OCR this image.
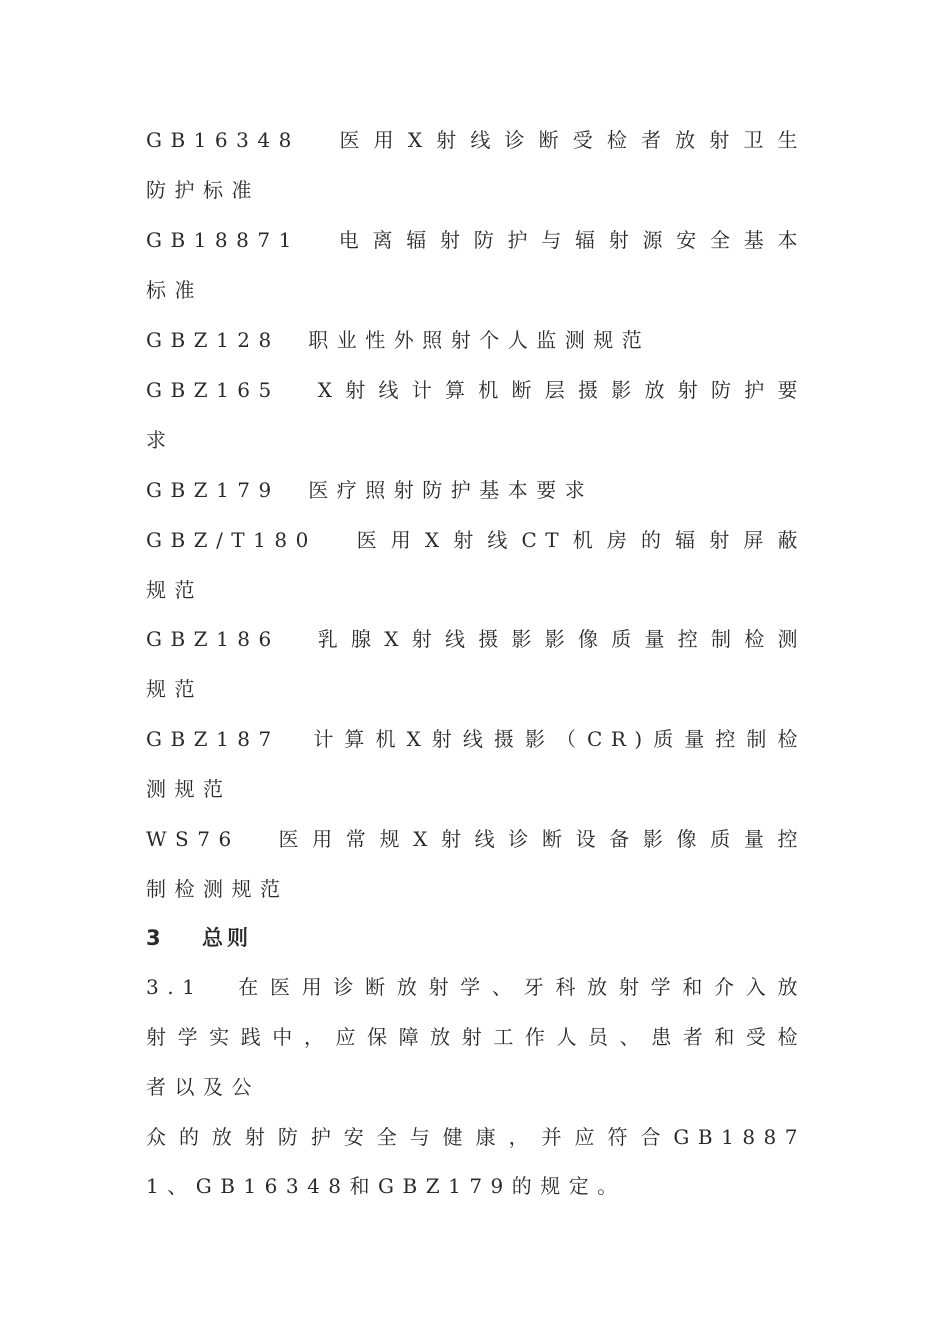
GB16348　医用X射线诊断受检者放射卫生
防护标准
GB18871　电离辐射防护与辐射源安全基本
标准
GBZ128　职业性外照射个人监测规范
GBZ165　X射线计算机断层摄影放射防护要
求
GBZ179　医疗照射防护基本要求
GBZ/T180　医用X射线CT机房的辐射屏蔽
规范
GBZ186　乳腺X射线摄影影像质量控制检测
规范
GBZ187　计算机X射线摄影（CR)质量控制检
测规范
WS76　医用常规X射线诊断设备影像质量控
制检测规范
3 总则
3.1　在医用诊断放射学、牙科放射学和介入放
射学实践中，应保障放射工作人员、患者和受检
者以及公
众的放射防护安全与健康，并应符合GB1887
1、GB16348和GBZ179的规定。
